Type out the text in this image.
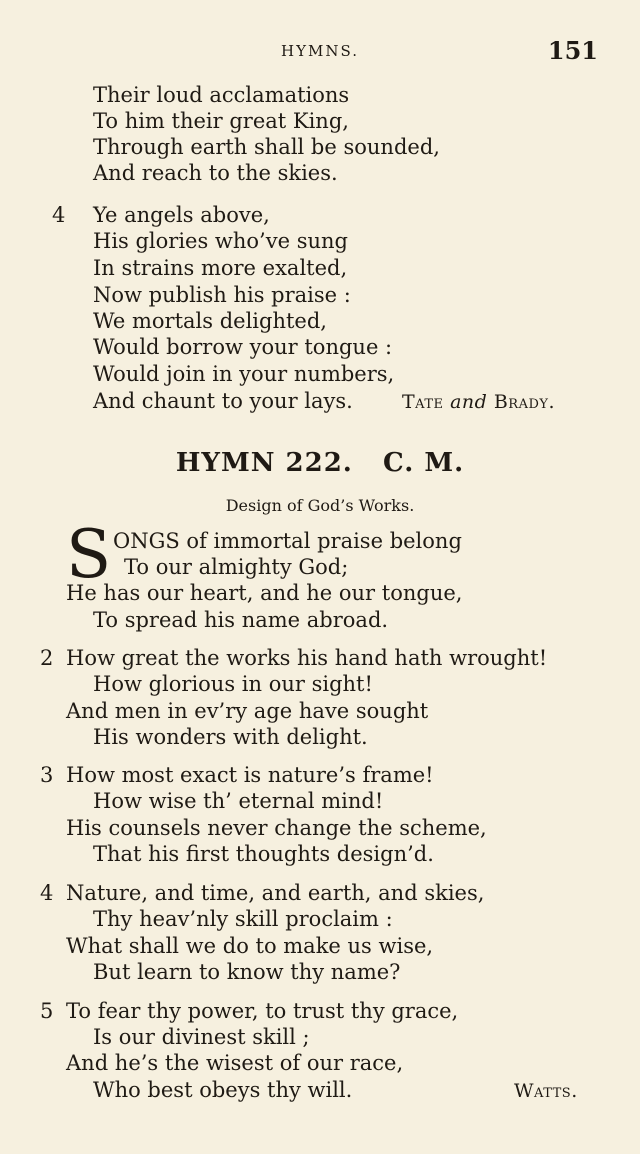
HYMNS.	151
Their loud acclamations
To him their great King,
Through earth shall be sounded,
And reach to the skies.
4 Ye angels above,
His glories who’ve sung
In strains more exalted,
Now publish his praise :
We mortals delighted,
Would borrow your tongue :
Would join in your numbers,
And chaunt to your lays.	Tate and Brady.
HYMN 222.   C. M.
Design of God’s Works.
S ONGS of immortal praise belong
To our almighty God;
He has our heart, and he our tongue,
To spread his name abroad.
2 How great the works his hand hath wrought!
How glorious in our sight!
And men in ev’ry age have sought
His wonders with delight.
3 How most exact is nature’s frame!
How wise th’ eternal mind!
His counsels never change the scheme,
That his first thoughts design’d.
4 Nature, and time, and earth, and skies,
Thy heav’nly skill proclaim :
What shall we do to make us wise,
But learn to know thy name?
5 To fear thy power, to trust thy grace,
Is our divinest skill ;
And he’s the wisest of our race,
Who best obeys thy will.	Watts.
